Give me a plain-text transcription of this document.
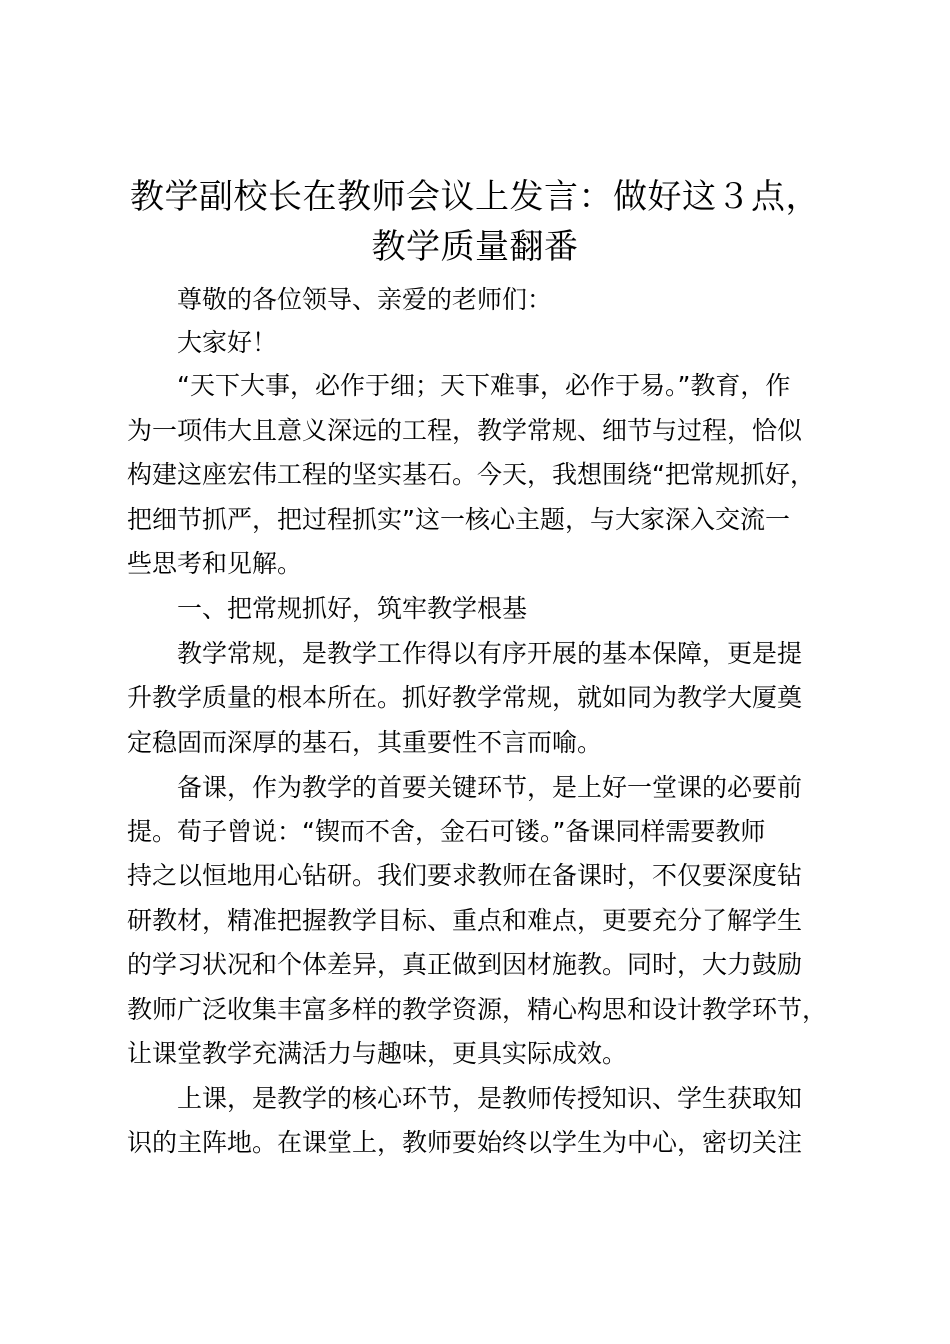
教学副校长在教师会议上发言：做好这３点，
教学质量翻番

尊敬的各位领导、亲爱的老师们：

大家好！

“天下大事，必作于细；天下难事，必作于易。”教育，作

为一项伟大且意义深远的工程，教学常规、细节与过程，恰似

构建这座宏伟工程的坚实基石。今天，我想围绕“把常规抓好，

把细节抓严，把过程抓实”这一核心主题，与大家深入交流一

些思考和见解。

一、把常规抓好，筑牢教学根基

教学常规，是教学工作得以有序开展的基本保障，更是提

升教学质量的根本所在。抓好教学常规，就如同为教学大厦奠

定稳固而深厚的基石，其重要性不言而喻。

备课，作为教学的首要关键环节，是上好一堂课的必要前

提。荀子曾说：“锲而不舍，金石可镂。”备课同样需要教师

持之以恒地用心钻研。我们要求教师在备课时，不仅要深度钻

研教材，精准把握教学目标、重点和难点，更要充分了解学生

的学习状况和个体差异，真正做到因材施教。同时，大力鼓励

教师广泛收集丰富多样的教学资源，精心构思和设计教学环节，

让课堂教学充满活力与趣味，更具实际成效。

上课，是教学的核心环节，是教师传授知识、学生获取知

识的主阵地。在课堂上，教师要始终以学生为中心，密切关注
